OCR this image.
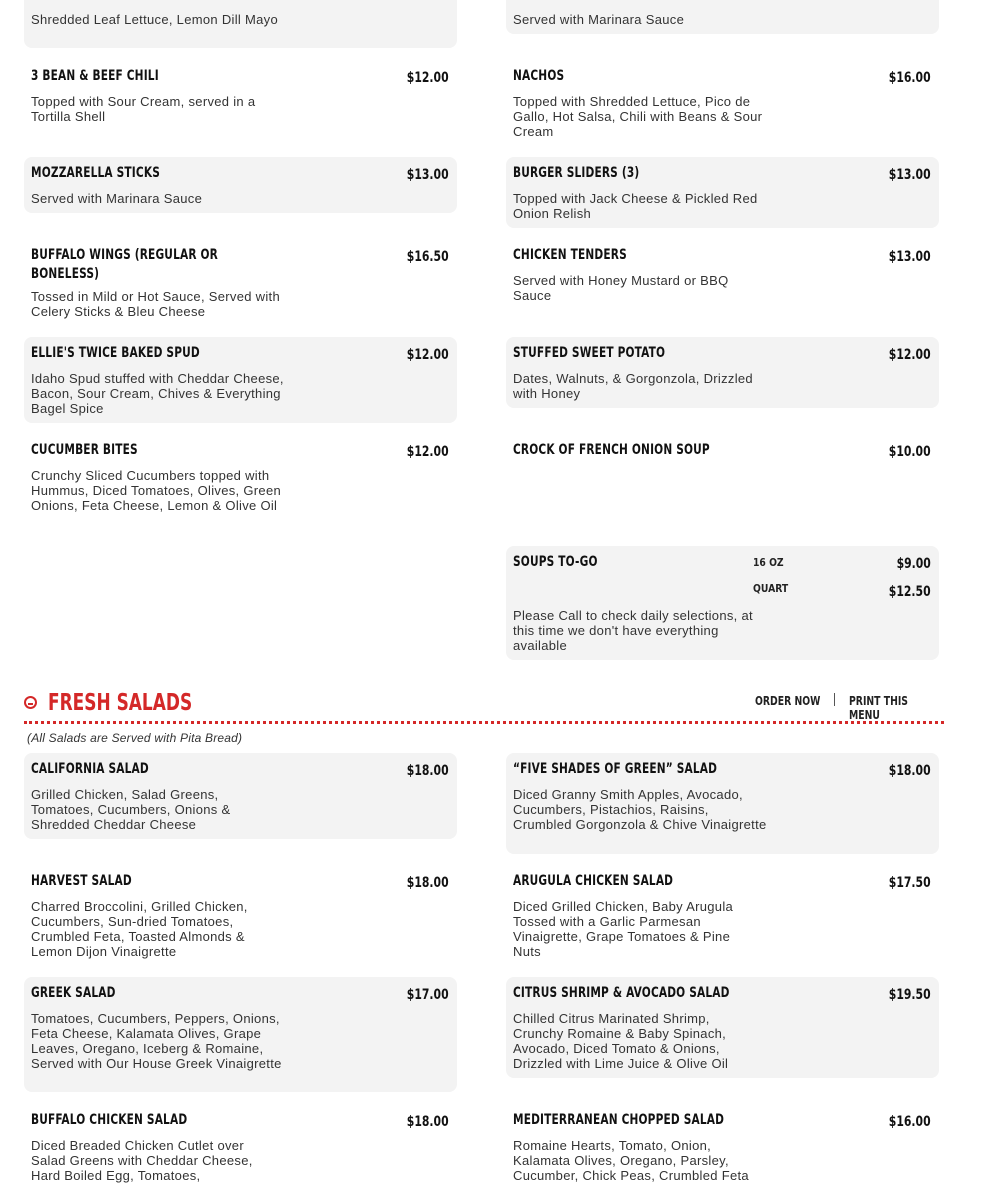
Shredded Leaf Lettuce, Lemon Dill Mayo	Served with Marinara Sauce
3 BEAN & BEEF CHILI	$12.00
Topped with Sour Cream, served in a Tortilla Shell
NACHOS	$16.00
Topped with Shredded Lettuce, Pico de Gallo, Hot Salsa, Chili with Beans & Sour Cream
MOZZARELLA STICKS	$13.00
Served with Marinara Sauce
BURGER SLIDERS (3)	$13.00
Topped with Jack Cheese & Pickled Red Onion Relish
BUFFALO WINGS (REGULAR OR BONELESS)
$16.50
Tossed in Mild or Hot Sauce, Served with Celery Sticks & Bleu Cheese
CHICKEN TENDERS	$13.00
Served with Honey Mustard or BBQ Sauce
ELLIE'S TWICE BAKED SPUD	$12.00
Idaho Spud stuffed with Cheddar Cheese, Bacon, Sour Cream, Chives & Everything Bagel Spice
STUFFED SWEET POTATO	$12.00
Dates, Walnuts, & Gorgonzola, Drizzled with Honey
CUCUMBER BITES	$12.00
Crunchy Sliced Cucumbers topped with Hummus, Diced Tomatoes, Olives, Green Onions, Feta Cheese, Lemon & Olive Oil
CROCK OF FRENCH ONION SOUP	$10.00
SOUPS TO-GO	16 OZ	$9.00
QUART	$12.50
Please Call to check daily selections, at this time we don't have everything available
FRESH SALADS	ORDER NOW PRINT THIS MENU
(All Salads are Served with Pita Bread)
CALIFORNIA SALAD	$18.00
Grilled Chicken, Salad Greens, Tomatoes, Cucumbers, Onions & Shredded Cheddar Cheese
“FIVE SHADES OF GREEN” SALAD	$18.00
Diced Granny Smith Apples, Avocado, Cucumbers, Pistachios, Raisins, Crumbled Gorgonzola & Chive Vinaigrette
HARVEST SALAD	$18.00
Charred Broccolini, Grilled Chicken, Cucumbers, Sun-dried Tomatoes, Crumbled Feta, Toasted Almonds & Lemon Dijon Vinaigrette
ARUGULA CHICKEN SALAD	$17.50
Diced Grilled Chicken, Baby Arugula Tossed with a Garlic Parmesan Vinaigrette, Grape Tomatoes & Pine Nuts
GREEK SALAD	$17.00
Tomatoes, Cucumbers, Peppers, Onions, Feta Cheese, Kalamata Olives, Grape Leaves, Oregano, Iceberg & Romaine, Served with Our House Greek Vinaigrette
CITRUS SHRIMP & AVOCADO SALAD	$19.50
Chilled Citrus Marinated Shrimp, Crunchy Romaine & Baby Spinach, Avocado, Diced Tomato & Onions, Drizzled with Lime Juice & Olive Oil
BUFFALO CHICKEN SALAD	$18.00
Diced Breaded Chicken Cutlet over Salad Greens with Cheddar Cheese, Hard Boiled Egg, Tomatoes,
MEDITERRANEAN CHOPPED SALAD	$16.00
Romaine Hearts, Tomato, Onion, Kalamata Olives, Oregano, Parsley, Cucumber, Chick Peas, Crumbled Feta
